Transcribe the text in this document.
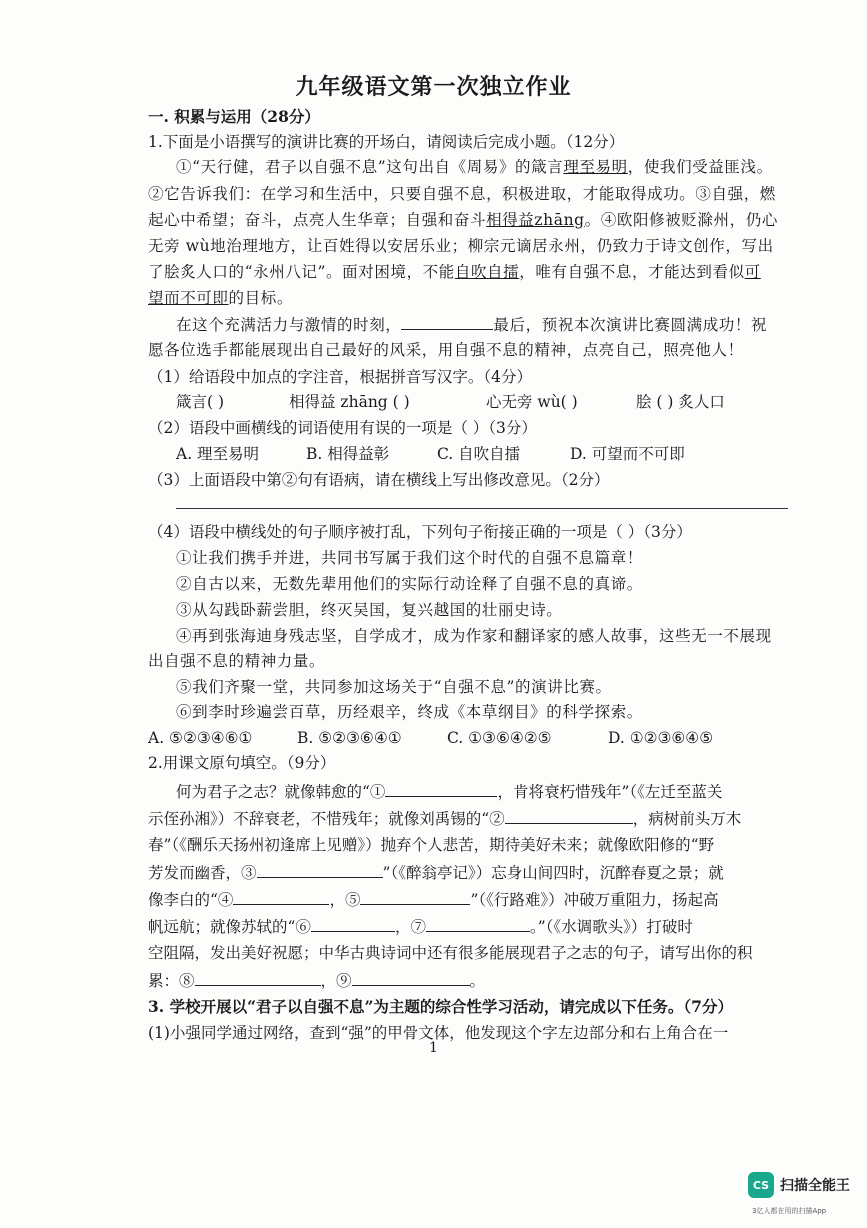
九年级语文第一次独立作业
一. 积累与运用（28分）
1.下面是小语撰写的演讲比赛的开场白，请阅读后完成小题。（12分）
①“天行健，君子以自强不息”这句出自《周易》的箴言理至易明，使我们受益匪浅。
②它告诉我们：在学习和生活中，只要自强不息，积极进取，才能取得成功。③自强，燃
起心中希望；奋斗，点亮人生华章；自强和奋斗相得益zhāng。④欧阳修被贬滁州，仍心
无旁 wù地治理地方，让百姓得以安居乐业；柳宗元谪居永州，仍致力于诗文创作，写出
了脍炙人口的“永州八记”。面对困境，不能自吹自擂，唯有自强不息，才能达到看似可
望而不可即的目标。
在这个充满活力与激情的时刻，	最后，预祝本次演讲比赛圆满成功！祝
愿各位选手都能展现出自己最好的风采，用自强不息的精神，点亮自己，照亮他人！
（1）给语段中加点的字注音，根据拼音写汉字。（4分）
箴言( )	相得益 zhāng ( )	心无旁 wù( )	脍 ( ) 炙人口
（2）语段中画横线的词语使用有误的一项是（ ）（3分）
A. 理至易明	B. 相得益彰	C. 自吹自擂	D. 可望而不可即
（3）上面语段中第②句有语病，请在横线上写出修改意见。（2分）
（4）语段中横线处的句子顺序被打乱，下列句子衔接正确的一项是（ ）（3分）
①让我们携手并进，共同书写属于我们这个时代的自强不息篇章！
②自古以来，无数先辈用他们的实际行动诠释了自强不息的真谛。
③从勾践卧薪尝胆，终灭吴国，复兴越国的壮丽史诗。
④再到张海迪身残志坚，自学成才，成为作家和翻译家的感人故事，这些无一不展现
出自强不息的精神力量。
⑤我们齐聚一堂，共同参加这场关于“自强不息”的演讲比赛。
⑥到李时珍遍尝百草，历经艰辛，终成《本草纲目》的科学探索。
A. ⑤②③④⑥①	B. ⑤②③⑥④①	C. ①③⑥④②⑤	D. ①②③⑥④⑤
2.用课文原句填空。（9分）
何为君子之志？就像韩愈的“①	，肯将衰朽惜残年”（《左迁至蓝关
示侄孙湘》）不辞衰老，不惜残年；就像刘禹锡的“②	，病树前头万木
春”（《酬乐天扬州初逢席上见赠》）抛弃个人悲苦，期待美好未来；就像欧阳修的“野
芳发而幽香，③	”（《醉翁亭记》）忘身山间四时，沉醉春夏之景；就
像李白的“④	，⑤	”（《行路难》）冲破万重阻力，扬起高
帆远航；就像苏轼的“⑥	，⑦	。”（《水调歌头》）打破时
空阻隔，发出美好祝愿；中华古典诗词中还有很多能展现君子之志的句子，请写出你的积
累：⑧	，⑨	。
3. 学校开展以“君子以自强不息”为主题的综合性学习活动，请完成以下任务。（7分）
(1)小强同学通过网络，查到“强”的甲骨文体，他发现这个字左边部分和右上角合在一
1
CS 扫描全能王
3亿人都在用的扫描App
